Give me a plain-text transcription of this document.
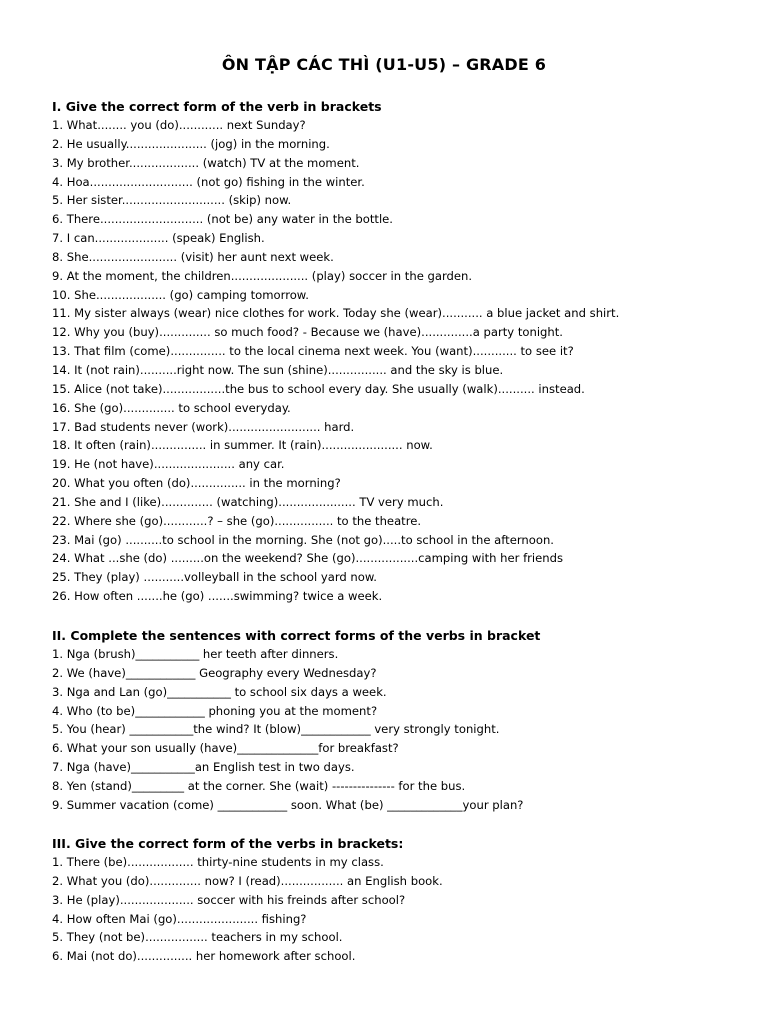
ÔN TẬP CÁC THÌ (U1-U5) – GRADE 6
I. Give the correct form of the verb in brackets
1. What........ you (do)............ next Sunday?
2. He usually...................... (jog) in the morning.
3. My brother................... (watch) TV at the moment.
4. Hoa............................ (not go) fishing in the winter.
5. Her sister............................ (skip) now.
6. There............................ (not be) any water in the bottle.
7. I can.................... (speak) English.
8. She........................ (visit) her aunt next week.
9. At the moment, the children..................... (play) soccer in the garden.
10. She................... (go) camping tomorrow.
11. My sister always (wear) nice clothes for work. Today she (wear)........... a blue jacket and shirt.
12. Why you (buy).............. so much food? - Because we (have)..............a party tonight.
13. That film (come)............... to the local cinema next week. You (want)............ to see it?
14. It (not rain)..........right now. The sun (shine)................ and the sky is blue.
15. Alice (not take).................the bus to school every day. She usually (walk).......... instead.
16. She (go).............. to school everyday.
17. Bad students never (work)......................... hard.
18. It often (rain)............... in summer. It (rain)...................... now.
19. He (not have)...................... any car.
20. What you often (do)............... in the morning?
21. She and I (like).............. (watching)..................... TV very much.
22. Where she (go)............? – she (go)................ to the theatre.
23. Mai (go) ..........to school in the morning. She (not go).....to school in the afternoon.
24. What ...she (do) .........on the weekend? She (go).................camping with her friends
25. They (play) ...........volleyball in the school yard now.
26. How often .......he (go) .......swimming? twice a week.
II. Complete the sentences with correct forms of the verbs in bracket
1. Nga (brush)___________ her teeth after dinners.
2. We (have)____________ Geography every Wednesday?
3. Nga and Lan (go)___________ to school six days a week.
4. Who (to be)____________ phoning you at the moment?
5. You (hear) ___________the wind? It (blow)____________ very strongly tonight.
6. What your son usually (have)______________for breakfast?
7. Nga (have)___________an English test in two days.
8. Yen (stand)_________ at the corner. She (wait) --------------- for the bus.
9. Summer vacation (come) ____________ soon. What (be) _____________your plan?
III. Give the correct form of the verbs in brackets:
1. There (be).................. thirty-nine students in my class.
2. What you (do).............. now? I (read)................. an English book.
3. He (play).................... soccer with his freinds after school?
4. How often Mai (go)...................... fishing?
5. They (not be)................. teachers in my school.
6. Mai (not do)............... her homework after school.
